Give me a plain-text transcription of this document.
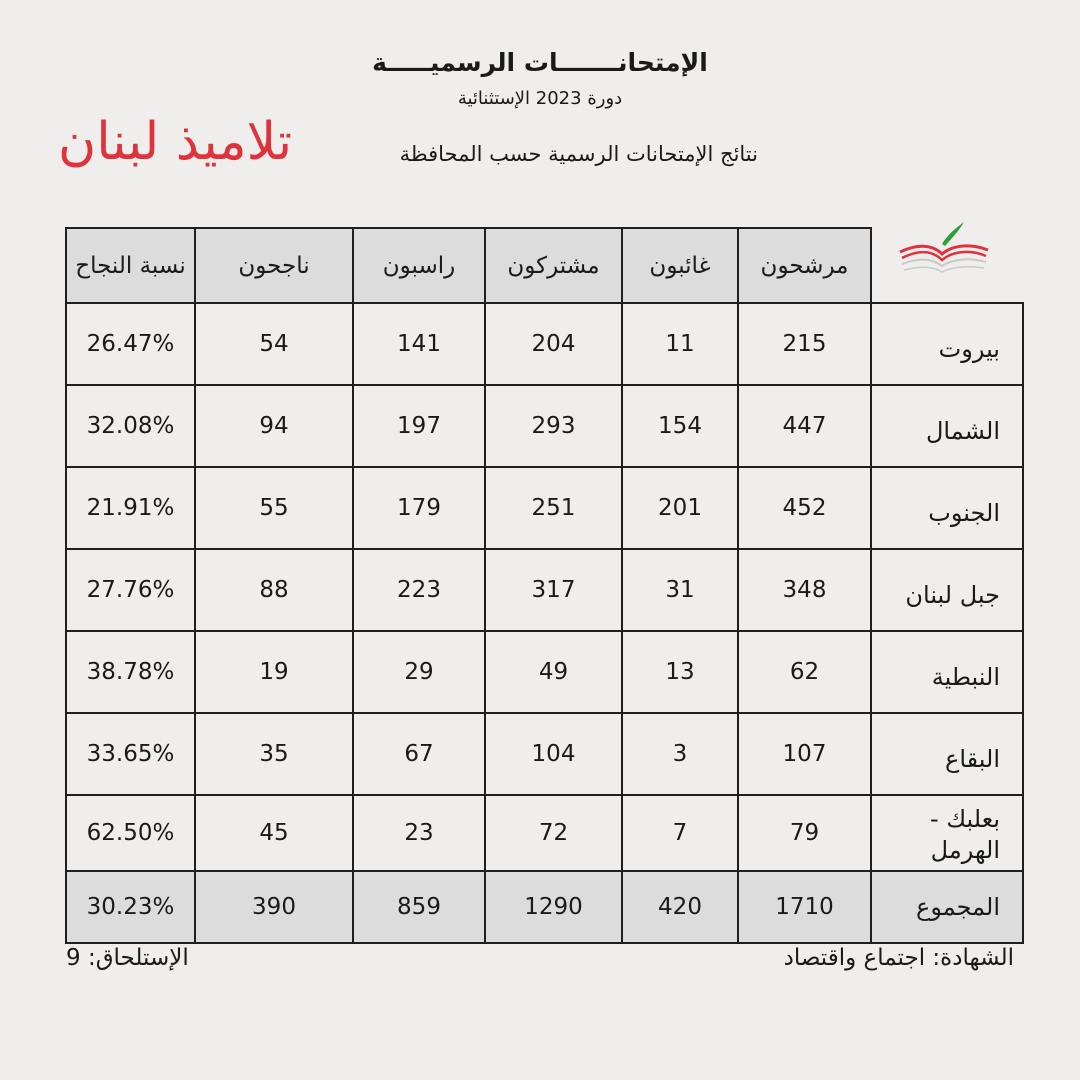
الإمتحانـــــــات الرسميـــــة
دورة 2023 الإستثنائية
نتائج الإمتحانات الرسمية حسب المحافظة
تلاميذ لبنان
	مرشحون	غائبون	مشتركون	راسبون	ناجحون	نسبة النجاح
بيروت	215	11	204	141	54	26.47%
الشمال	447	154	293	197	94	32.08%
الجنوب	452	201	251	179	55	21.91%
جبل لبنان	348	31	317	223	88	27.76%
النبطية	62	13	49	29	19	38.78%
البقاع	107	3	104	67	35	33.65%
بعلبك - الهرمل	79	7	72	23	45	62.50%
المجموع	1710	420	1290	859	390	30.23%
الشهادة: اجتماع واقتصاد
الإستلحاق: 9
